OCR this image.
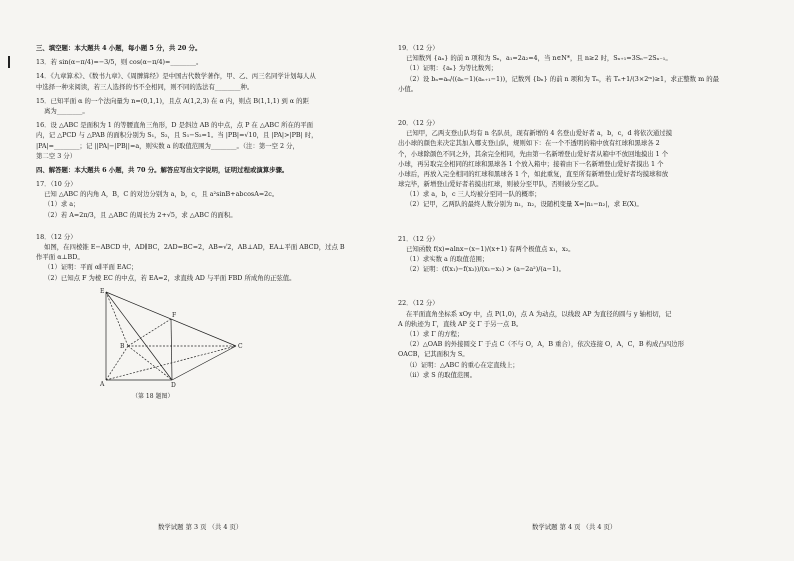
三、填空题：本大题共 4 小题，每小题 5 分，共 20 分。

13．若 sin(α−π/4)=−3/5，则 cos(α−π/4)=________。

14．《九章算术》、《数书九章》、《周髀算经》是中国古代数学著作，甲、乙、丙三名同学计划每人从

中选择一种来阅读，若三人选择的书不全相同，则不同的选法有________种。

15．已知平面 α 的一个法向量为 n=(0,1,1)，且点 A(1,2,3) 在 α 内，则点 B(1,1,1) 到 α 的距

离为________。

16．设 △ABC 是面积为 1 的等腰直角三角形，D 是斜边 AB 的中点，点 P 在 △ABC 所在的平面

内，记 △PCD 与 △PAB 的面积分别为 S₁，S₂，且 S₁−S₂=1。当 |PB|=√10，且 |PA|>|PB| 时，

|PA|=________；记 ||PA|−|PB||=a，则实数 a 的取值范围为________。（注：第一空 2 分，

第二空 3 分）

四、解答题：本大题共 6 小题，共 70 分。解答应写出文字说明，证明过程或演算步骤。

17．（10 分）

已知 △ABC 的内角 A，B，C 的对边分别为 a，b，c，且 a²sinB+abcosA=2c。

（1）求 a；

（2）若 A=2π/3，且 △ABC 的周长为 2+√5，求 △ABC 的面积。

18．（12 分）

如图，在四棱锥 E−ABCD 中，AD∥BC，2AD=BC=2，AB=√2，AB⊥AD，EA⊥平面 ABCD，过点 B

作平面 α⊥BD。

（1）证明：平面 α∥平面 EAC；

（2）已知点 F 为棱 EC 的中点，若 EA=2，求直线 AD 与平面 FBD 所成角的正弦值。

E
F
B	C
A	D
（第 18 题图）
数学试题 第 3 页 （共 4 页）

19．（12 分）

已知数列 {aₙ} 的前 n 项和为 Sₙ，a₁=2a₂=4，当 n∈N*，且 n≥2 时，Sₙ₊₁=3Sₙ−2Sₙ₋₁。

（1）证明：{aₙ} 为等比数列；

（2）设 bₙ=aₙ/((aₙ−1)(aₙ₊₁−1))，记数列 {bₙ} 的前 n 项和为 Tₙ，若 Tₙ+1/(3×2ᵐ)≥1，求正整数 m 的最

小值。

20．（12 分）

已知甲，乙两支登山队均有 n 名队员，现有新增的 4 名登山爱好者 a，b，c，d 将依次通过摸

出小球的颜色来决定其加入哪支登山队，规则如下：在一个不透明的箱中放有红球和黑球各 2

个，小球除颜色不同之外，其余完全相同，先由第一名新增登山爱好者从箱中不放回地摸出 1 个

小球，再另取完全相同的红球和黑球各 1 个放入箱中；接着由下一名新增登山爱好者摸出 1 个

小球后，再放入完全相同的红球和黑球各 1 个，如此重复，直至所有新增登山爱好者均摸球和放

球完毕，新增登山爱好者若摸出红球，则被分至甲队，否则被分至乙队。

（1）求 a，b，c 三人均被分至同一队的概率；

（2）记甲，乙两队的最终人数分别为 n₁，n₂，设随机变量 X=|n₁−n₂|，求 E(X)。

21．（12 分）

已知函数 f(x)=alnx−(x−1)/(x+1) 有两个极值点 x₁，x₂。

（1）求实数 a 的取值范围；

（2）证明：(f(x₁)−f(x₂))/(x₁−x₂) > (a−2a²)/(a−1)。

22．（12 分）

在平面直角坐标系 xOy 中，点 P(1,0)，点 A 为动点，以线段 AP 为直径的圆与 y 轴相切，记

A 的轨迹为 Γ，直线 AP 交 Γ 于另一点 B。

（1）求 Γ 的方程；

（2）△OAB 的外接圆交 Γ 于点 C（不与 O，A，B 重合），依次连接 O，A，C，B 构成凸四边形

OACB，记其面积为 S。

（i）证明：△ABC 的重心在定直线上；

（ii）求 S 的取值范围。

数学试题 第 4 页 （共 4 页）
